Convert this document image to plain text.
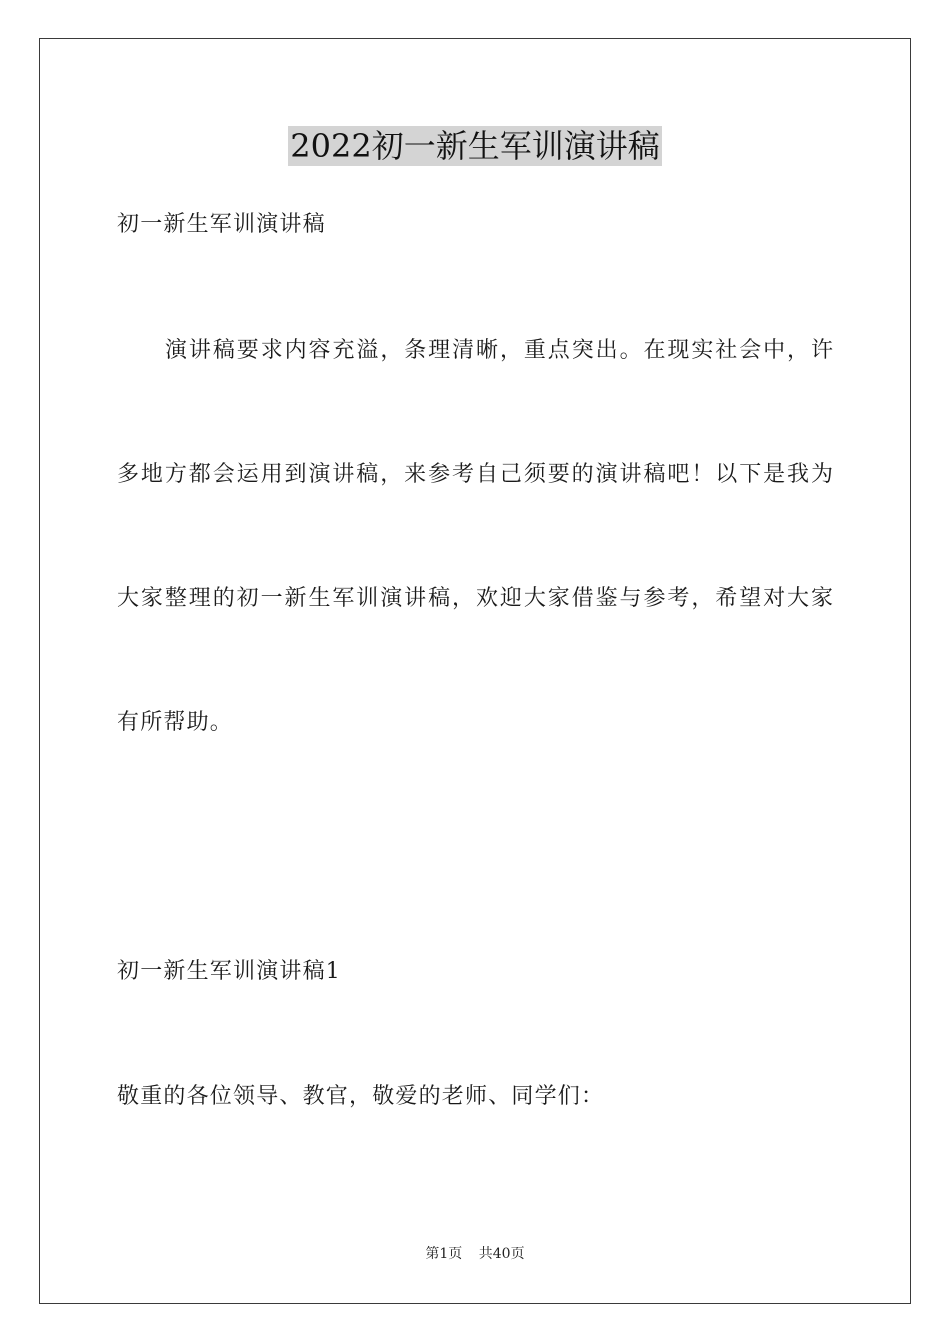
2022初一新生军训演讲稿
初一新生军训演讲稿
演讲稿要求内容充溢，条理清晰，重点突出。在现实社会中，许
多地方都会运用到演讲稿，来参考自己须要的演讲稿吧！以下是我为
大家整理的初一新生军训演讲稿，欢迎大家借鉴与参考，希望对大家
有所帮助。
初一新生军训演讲稿1
敬重的各位领导、教官，敬爱的老师、同学们：
第1页 共40页
